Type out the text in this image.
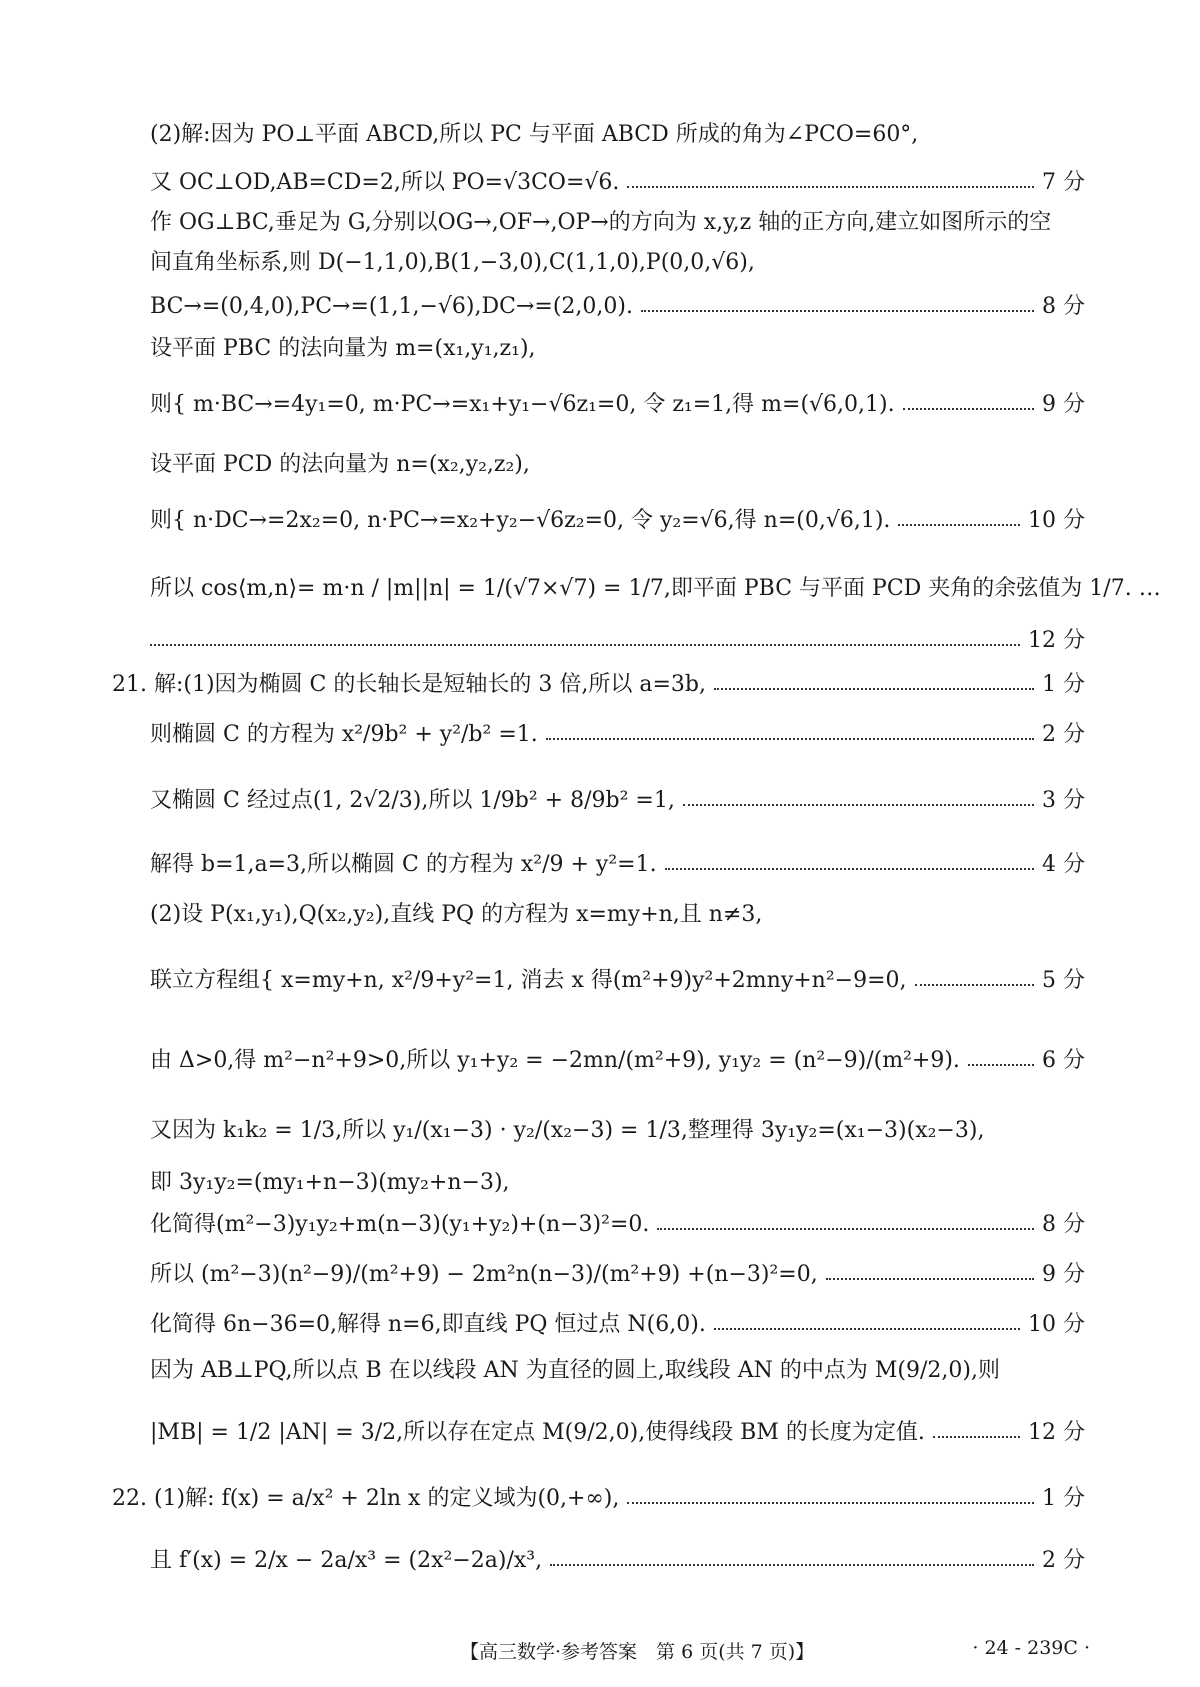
(2)解:因为 PO⊥平面 ABCD,所以 PC 与平面 ABCD 所成的角为∠PCO=60°,
又 OC⊥OD,AB=CD=2,所以 PO=√3CO=√6.	7 分
作 OG⊥BC,垂足为 G,分别以OG→,OF→,OP→的方向为 x,y,z 轴的正方向,建立如图所示的空
间直角坐标系,则 D(−1,1,0),B(1,−3,0),C(1,1,0),P(0,0,√6),
BC→=(0,4,0),PC→=(1,1,−√6),DC→=(2,0,0).	8 分
设平面 PBC 的法向量为 m=(x₁,y₁,z₁),
则{ m·BC→=4y₁=0, m·PC→=x₁+y₁−√6z₁=0, 令 z₁=1,得 m=(√6,0,1).	9 分
设平面 PCD 的法向量为 n=(x₂,y₂,z₂),
则{ n·DC→=2x₂=0, n·PC→=x₂+y₂−√6z₂=0, 令 y₂=√6,得 n=(0,√6,1).	10 分
所以 cos⟨m,n⟩= m·n / |m||n| = 1/(√7×√7) = 1/7,即平面 PBC 与平面 PCD 夹角的余弦值为 1/7. …
12 分
21. 解:(1)因为椭圆 C 的长轴长是短轴长的 3 倍,所以 a=3b,	1 分
则椭圆 C 的方程为 x²/9b² + y²/b² =1.	2 分
又椭圆 C 经过点(1, 2√2/3),所以 1/9b² + 8/9b² =1,	3 分
解得 b=1,a=3,所以椭圆 C 的方程为 x²/9 + y²=1.	4 分
(2)设 P(x₁,y₁),Q(x₂,y₂),直线 PQ 的方程为 x=my+n,且 n≠3,
联立方程组{ x=my+n, x²/9+y²=1, 消去 x 得(m²+9)y²+2mny+n²−9=0,	5 分
由 Δ>0,得 m²−n²+9>0,所以 y₁+y₂ = −2mn/(m²+9), y₁y₂ = (n²−9)/(m²+9).	6 分
又因为 k₁k₂ = 1/3,所以 y₁/(x₁−3) · y₂/(x₂−3) = 1/3,整理得 3y₁y₂=(x₁−3)(x₂−3),
即 3y₁y₂=(my₁+n−3)(my₂+n−3),
化简得(m²−3)y₁y₂+m(n−3)(y₁+y₂)+(n−3)²=0.	8 分
所以 (m²−3)(n²−9)/(m²+9) − 2m²n(n−3)/(m²+9) +(n−3)²=0,	9 分
化简得 6n−36=0,解得 n=6,即直线 PQ 恒过点 N(6,0).	10 分
因为 AB⊥PQ,所以点 B 在以线段 AN 为直径的圆上,取线段 AN 的中点为 M(9/2,0),则
|MB| = 1/2 |AN| = 3/2,所以存在定点 M(9/2,0),使得线段 BM 的长度为定值.	12 分
22. (1)解: f(x) = a/x² + 2ln x 的定义域为(0,+∞),	1 分
且 f′(x) = 2/x − 2a/x³ = (2x²−2a)/x³,	2 分
【高三数学·参考答案　第 6 页(共 7 页)】	· 24 - 239C ·
